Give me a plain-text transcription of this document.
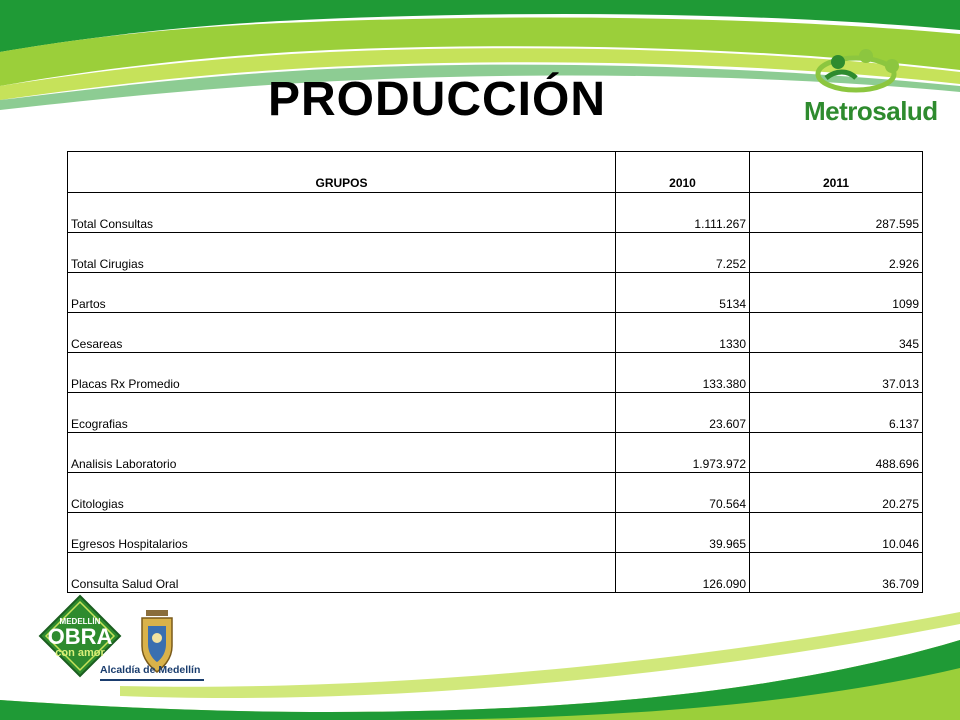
PRODUCCIÓN	Metrosalud
GRUPOS	2010	2011
Total Consultas	1.111.267	287.595
Total Cirugias	7.252	2.926
Partos	5134	1099
Cesareas	1330	345
Placas Rx Promedio	133.380	37.013
Ecografias	23.607	6.137
Analisis Laboratorio	1.973.972	488.696
Citologias	70.564	20.275
Egresos Hospitalarios	39.965	10.046
Consulta Salud Oral	126.090	36.709
MEDELLÍN
OBRA
con amor
Alcaldía de Medellín
